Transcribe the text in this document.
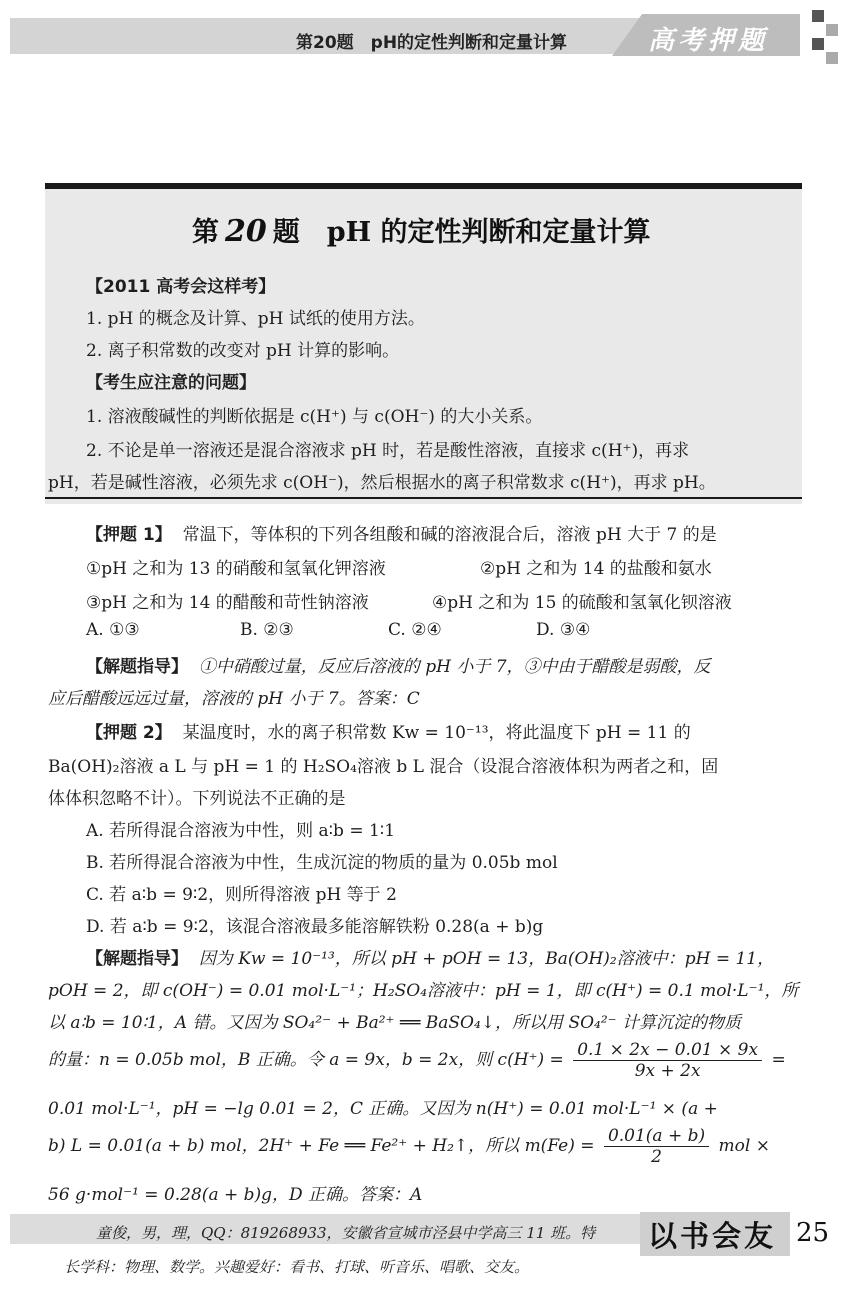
第20题　pH的定性判断和定量计算	高考押题
第 20 题　pH 的定性判断和定量计算
【2011 高考会这样考】
1. pH 的概念及计算、pH 试纸的使用方法。
2. 离子积常数的改变对 pH 计算的影响。
【考生应注意的问题】
1. 溶液酸碱性的判断依据是 c(H⁺) 与 c(OH⁻) 的大小关系。
2. 不论是单一溶液还是混合溶液求 pH 时，若是酸性溶液，直接求 c(H⁺)，再求
pH，若是碱性溶液，必须先求 c(OH⁻)，然后根据水的离子积常数求 c(H⁺)，再求 pH。
【押题 1】 常温下，等体积的下列各组酸和碱的溶液混合后，溶液 pH 大于 7 的是
①pH 之和为 13 的硝酸和氢氧化钾溶液	②pH 之和为 14 的盐酸和氨水
③pH 之和为 14 的醋酸和苛性钠溶液	④pH 之和为 15 的硫酸和氢氧化钡溶液
A. ①③	B. ②③	C. ②④	D. ③④
【解题指导】 ①中硝酸过量，反应后溶液的 pH 小于 7，③中由于醋酸是弱酸，反
应后醋酸远远过量，溶液的 pH 小于 7。答案：C
【押题 2】 某温度时，水的离子积常数 Kw = 10⁻¹³，将此温度下 pH = 11 的
Ba(OH)₂溶液 a L 与 pH = 1 的 H₂SO₄溶液 b L 混合（设混合溶液体积为两者之和，固
体体积忽略不计）。下列说法不正确的是
A. 若所得混合溶液为中性，则 a∶b = 1∶1
B. 若所得混合溶液为中性，生成沉淀的物质的量为 0.05b mol
C. 若 a∶b = 9∶2，则所得溶液 pH 等于 2
D. 若 a∶b = 9∶2，该混合溶液最多能溶解铁粉 0.28(a + b)g
【解题指导】 因为 Kw = 10⁻¹³，所以 pH + pOH = 13，Ba(OH)₂溶液中：pH = 11，
pOH = 2，即 c(OH⁻) = 0.01 mol·L⁻¹；H₂SO₄溶液中：pH = 1，即 c(H⁺) = 0.1 mol·L⁻¹，所
以 a∶b = 10∶1，A 错。又因为 SO₄²⁻ + Ba²⁺ ══ BaSO₄↓，所以用 SO₄²⁻ 计算沉淀的物质
的量：n = 0.05b mol，B 正确。令 a = 9x，b = 2x，则 $c(H^+) = \frac{0.1 \times 2x - 0.01 \times 9x}{9x + 2x}$ =
0.01 mol·L⁻¹，pH = −lg 0.01 = 2，C 正确。又因为 n(H⁺) = 0.01 mol·L⁻¹ × (a +
b) L = 0.01(a + b) mol，2H⁺ + Fe ══ Fe²⁺ + H₂↑，所以 $m(Fe) = \frac{0.01(a + b)}{2}$ mol ×
56 g·mol⁻¹ = 0.28(a + b)g，D 正确。答案：A
以书会友 25
童俊，男，理，QQ：819268933，安徽省宣城市泾县中学高三 11 班。特
长学科：物理、数学。兴趣爱好：看书、打球、听音乐、唱歌、交友。
